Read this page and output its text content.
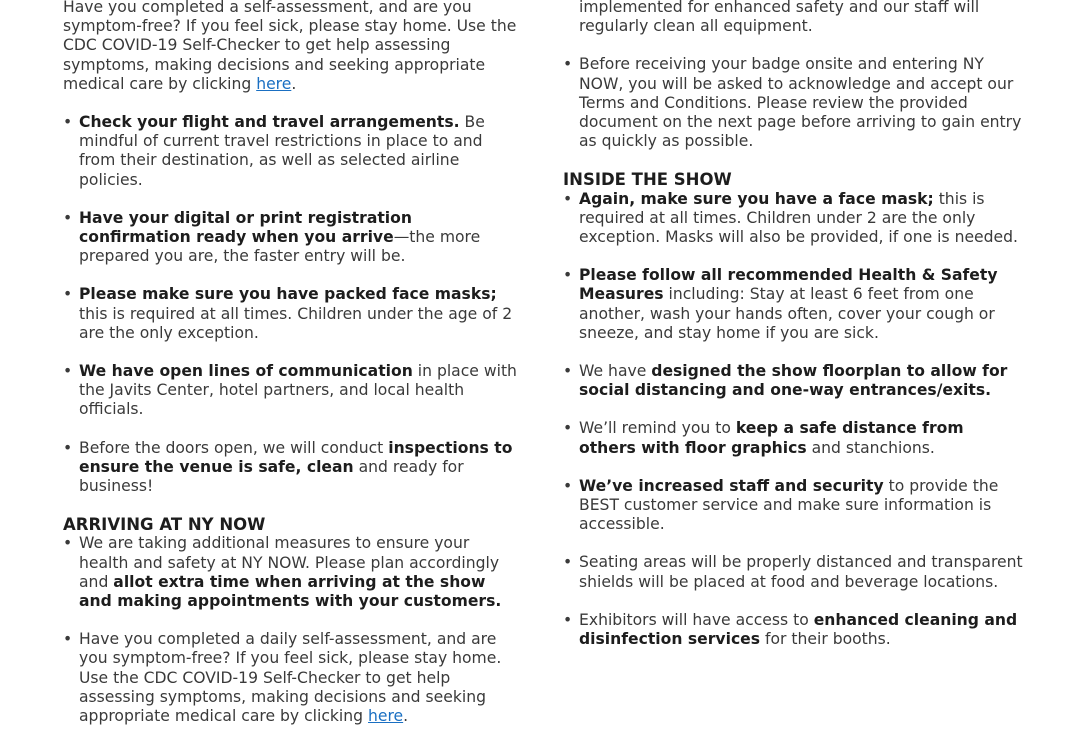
Have you completed a self-assessment, and are you symptom-free? If you feel sick, please stay home. Use the CDC COVID-19 Self-Checker to get help assessing symptoms, making decisions and seeking appropriate medical care by clicking here.

• Check your flight and travel arrangements. Be mindful of current travel restrictions in place to and from their destination, as well as selected airline policies.
• Have your digital or print registration confirmation ready when you arrive—the more prepared you are, the faster entry will be.
• Please make sure you have packed face masks; this is required at all times. Children under the age of 2 are the only exception.
• We have open lines of communication in place with the Javits Center, hotel partners, and local health officials.
• Before the doors open, we will conduct inspections to ensure the venue is safe, clean and ready for business!
ARRIVING AT NY NOW
• We are taking additional measures to ensure your health and safety at NY NOW. Please plan accordingly and allot extra time when arriving at the show and making appointments with your customers.
• Have you completed a daily self-assessment, and are you symptom-free? If you feel sick, please stay home. Use the CDC COVID-19 Self-Checker to get help assessing symptoms, making decisions and seeking appropriate medical care by clicking here.

implemented for enhanced safety and our staff will regularly clean all equipment.

• Before receiving your badge onsite and entering NY NOW, you will be asked to acknowledge and accept our Terms and Conditions. Please review the provided document on the next page before arriving to gain entry as quickly as possible.
INSIDE THE SHOW
• Again, make sure you have a face mask; this is required at all times. Children under 2 are the only exception. Masks will also be provided, if one is needed.
• Please follow all recommended Health & Safety Measures including: Stay at least 6 feet from one another, wash your hands often, cover your cough or sneeze, and stay home if you are sick.
• We have designed the show floorplan to allow for social distancing and one-way entrances/exits.
• We’ll remind you to keep a safe distance from others with floor graphics and stanchions.
• We’ve increased staff and security to provide the BEST customer service and make sure information is accessible.
• Seating areas will be properly distanced and transparent shields will be placed at food and beverage locations.
• Exhibitors will have access to enhanced cleaning and disinfection services for their booths.
